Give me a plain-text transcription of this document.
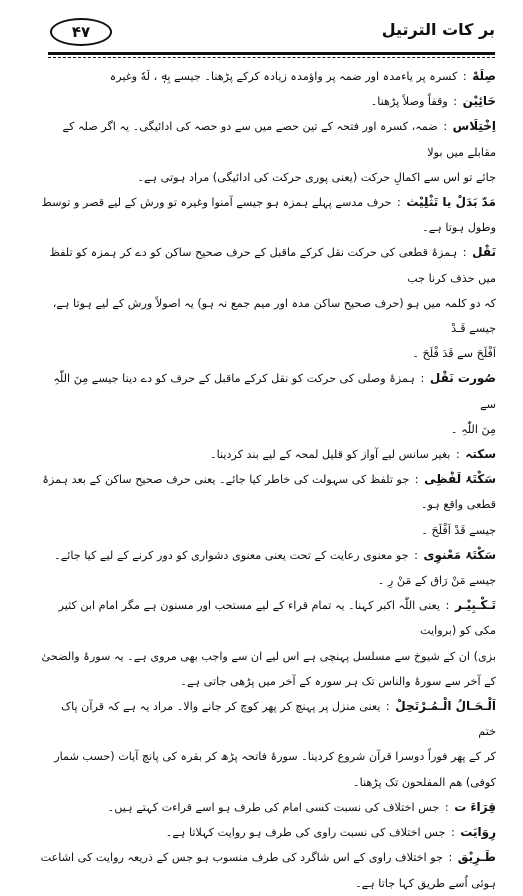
بر کات الترتیل
۴۷

صِلَهْ : کسرہ پر یاءمدہ اور ضمہ پر واؤمدہ زیادہ کرکے پڑھنا۔ جیسے بِهٖ ، لَهٗ وغیرہ

حَائِیْن : وقفاً وصلاً پڑھنا۔

اِخْتِلَاس : ضمہ، کسرہ اور فتحہ کے تین حصے میں سے دو حصہ کی ادائیگی۔ یہ اگر صلہ کے مقابلے میں بولا
جائے تو اس سے اکمالِ حرکت (یعنی پوری حرکت کی ادائیگی) مراد ہوتی ہے۔

مَدّ بَدَلْ یا تَثْلِیْث : حرف مدسے پہلے ہمزہ ہو جیسے آمنوا وغیرہ تو ورش کے لیے قصر و توسط
وطول ہوتا ہے۔

نَقْل : ہمزۂ قطعی کی حرکت نقل کرکے ماقبل کے حرف صحیح ساکن کو دے کر ہمزہ کو تلفظ میں حذف کرنا جب
کہ دو کلمہ میں ہو (حرف صحیح ساکن مدہ اور میم جمع نہ ہو) یہ اصولاً ورش کے لیے ہوتا ہے، جیسے قَـدْ
اَفْلَحَ سے قَدَ فْلَحَ ۔

صُورت نَقْل : ہمزۂ وصلی کی حرکت کو نقل کرکے ماقبل کے حرف کو دے دینا جیسے مِنَ اللّٰہِ سے
مِنَ اللّٰہِ ۔

سکتہ : بغیر سانس لیے آواز کو قلیل لمحہ کے لیے بند کردینا۔

سَکْتَۂ لَفْظِی : جو تلفظ کی سہولت کی خاطر کیا جائے۔ یعنی حرف صحیح ساکن کے بعد ہمزۂ قطعی واقع ہو۔
جیسے قَدْ اَفْلَحَ ۔

سَکْتَۂ مَعْنوِی : جو معنوی رعایت کے تحت یعنی معنوی دشواری کو دور کرنے کے لیے کیا جائے۔
جیسے مَنْ رَاق کے مَنْ رِ ۔

تَـکْـبِیْـر : یعنی اللّٰہ اکبر کہنا۔ یہ تمام قراء کے لیے مستحب اور مسنون ہے مگر امام ابن کثیر مکی کو (بروایت
بزی) ان کے شیوخ سے مسلسل پہنچی ہے اس لیے ان سے واجب بھی مروی ہے۔ یہ سورۂ والضحیٰ
کے آخر سے سورۂ والناس تک ہر سورہ کے آخر میں پڑھی جاتی ہے۔

اَلْـحَـالُ الْـمُـرْتَحِلْ : یعنی منزل پر پہنچ کر پھر کوچ کر جانے والا۔ مراد یہ ہے کہ قرآن پاک ختم
کر کے پھر فوراً دوسرا قرآن شروع کردینا۔ سورۂ فاتحہ پڑھ کر بقرہ کی پانچ آیات (حسب شمار
کوفی) هم المفلحون تک پڑھنا۔

قِرَاءَ ت : جس اختلاف کی نسبت کسی امام کی طرف ہو اسے قراءت کہتے ہیں۔

رِوَایَت : جس اختلاف کی نسبت راوی کی طرف ہو روایت کہلاتا ہے۔

طَـرِیْق : جو اختلاف راوی کے اس شاگرد کی طرف منسوب ہو جس کے ذریعہ روایت کی اشاعت
ہوئی اُسے طریق کہا جاتا ہے۔
